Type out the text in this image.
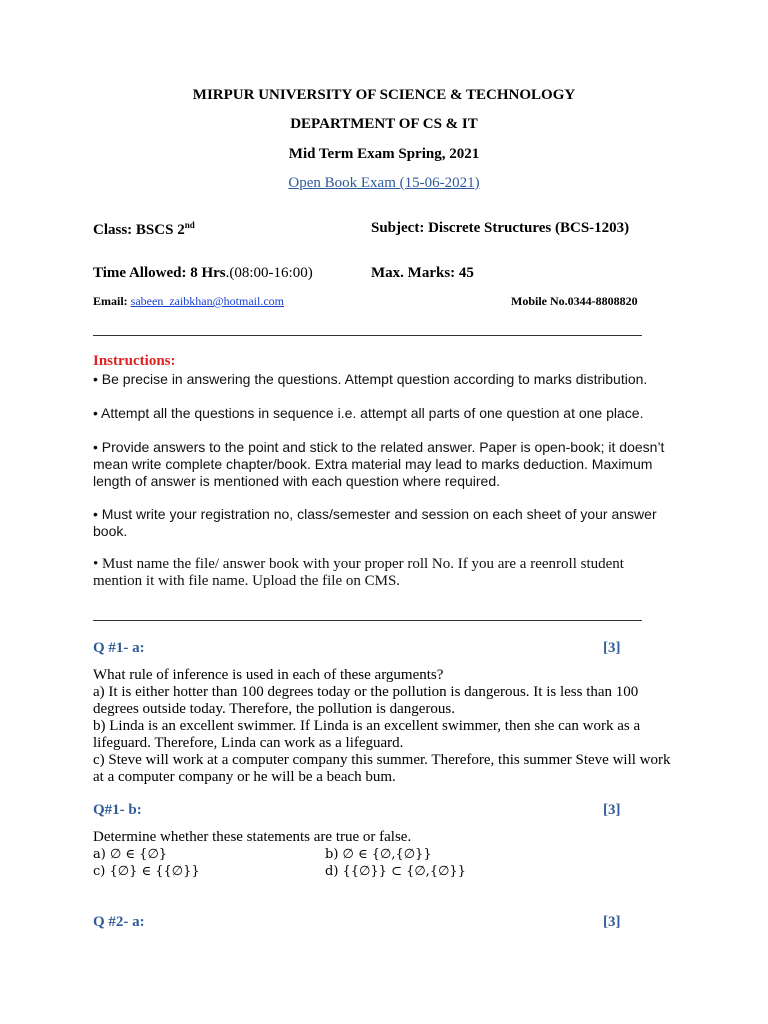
MIRPUR UNIVERSITY OF SCIENCE & TECHNOLOGY
DEPARTMENT OF CS & IT
Mid Term Exam Spring, 2021
Open Book Exam (15-06-2021)
Class: BSCS 2nd	Subject: Discrete Structures (BCS-1203)
Time Allowed: 8 Hrs.(08:00-16:00)	Max. Marks: 45
Email: sabeen_zaibkhan@hotmail.com	Mobile No.0344-8808820
Instructions:
• Be precise in answering the questions. Attempt question according to marks distribution.
• Attempt all the questions in sequence i.e. attempt all parts of one question at one place.
• Provide answers to the point and stick to the related answer. Paper is open-book; it doesn’t mean write complete chapter/book. Extra material may lead to marks deduction. Maximum length of answer is mentioned with each question where required.
• Must write your registration no, class/semester and session on each sheet of your answer book.
• Must name the file/ answer book with your proper roll No. If you are a reenroll student mention it with file name. Upload the file on CMS.
Q #1- a:	[3]
What rule of inference is used in each of these arguments?
a) It is either hotter than 100 degrees today or the pollution is dangerous. It is less than 100 degrees outside today. Therefore, the pollution is dangerous.
b) Linda is an excellent swimmer. If Linda is an excellent swimmer, then she can work as a lifeguard. Therefore, Linda can work as a lifeguard.
c) Steve will work at a computer company this summer. Therefore, this summer Steve will work at a computer company or he will be a beach bum.
Q#1- b:	[3]
Determine whether these statements are true or false.
a) ∅ ∈ {∅}	b) ∅ ∈ {∅,{∅}}
c) {∅} ∈ {{∅}}	d) {{∅}} ⊂ {∅,{∅}}
Q #2- a:	[3]
